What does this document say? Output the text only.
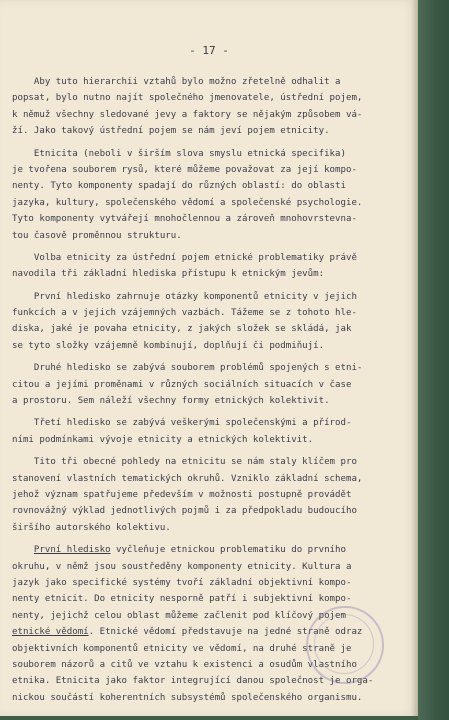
- 17 -
Aby tuto hierarchii vztahů bylo možno zřetelně odhalit a
popsat, bylo nutno najít společného jmenovatele, ústřední pojem,
k němuž všechny sledované jevy a faktory se nějakým způsobem vá-
ží. Jako takový ústřední pojem se nám jeví pojem etnicity.
Etnicita (neboli v širším slova smyslu etnická specifika)
je tvořena souborem rysů, které můžeme považovat za její kompo-
nenty. Tyto komponenty spadají do různých oblastí: do oblasti
jazyka, kultury, společenského vědomí a společenské psychologie.
Tyto komponenty vytvářejí mnohočlennou a zároveň mnohovrstevna-
tou časově proměnnou strukturu.
Volba etnicity za ústřední pojem etnické problematiky právě
navodila tři základní hlediska přístupu k etnickým jevům:
První hledisko zahrnuje otázky komponentů etnicity v jejich
funkcích a v jejich vzájemných vazbách. Tážeme se z tohoto hle-
diska, jaké je povaha etnicity, z jakých složek se skládá, jak
se tyto složky vzájemně kombinují, doplňují či podmiňují.
Druhé hledisko se zabývá souborem problémů spojených s etni-
citou a jejími proměnami v různých sociálních situacích v čase
a prostoru. Sem náleží všechny formy etnických kolektivit.
Třetí hledisko se zabývá veškerými společenskými a přírod-
ními podmínkami vývoje etnicity a etnických kolektivit.
Tito tři obecné pohledy na etnicitu se nám staly klíčem pro
stanovení vlastních tematických okruhů. Vzniklo základní schema,
jehož význam spatřujeme především v možnosti postupně provádět
rovnovážný výklad jednotlivých pojmů i za předpokladu budoucího
širšího autorského kolektivu.
První hledisko vyčleňuje etnickou problematiku do prvního
okruhu, v němž jsou soustředěny komponenty etnicity. Kultura a
jazyk jako specifické systémy tvoří základní objektivní kompo-
nenty etnicit. Do etnicity nesporně patří i subjektivní kompo-
nenty, jejichž celou oblast můžeme začlenit pod klíčový pojem
etnické vědomí. Etnické vědomí představuje na jedné straně odraz
objektivních komponentů etnicity ve vědomí, na druhé straně je
souborem názorů a citů ve vztahu k existenci a osudům vlastního
etnika. Etnicita jako faktor integrující danou společnost je orga-
nickou součástí koherentních subsystémů společenského organismu.
